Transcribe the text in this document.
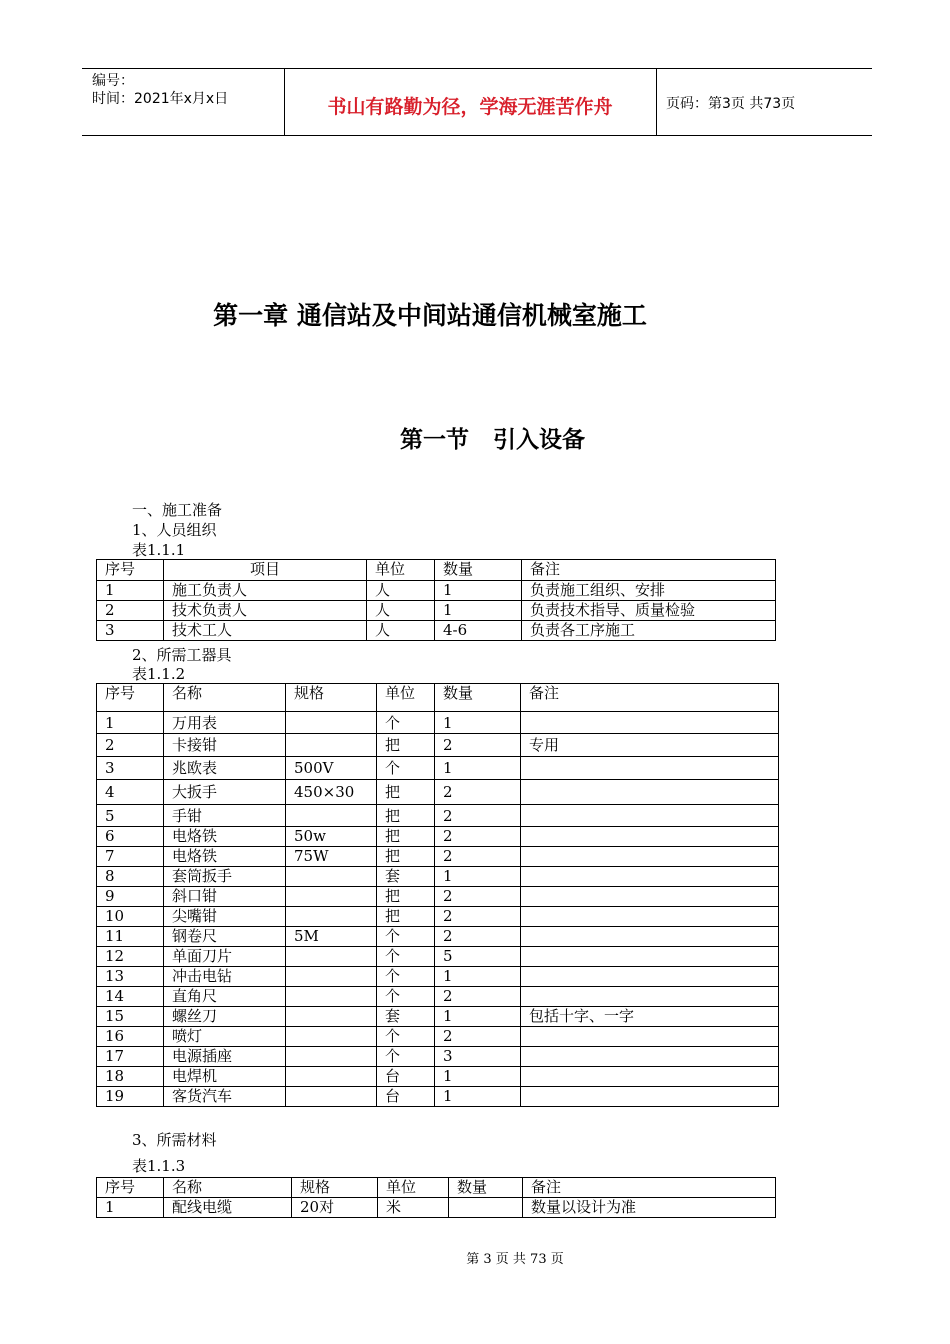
编号：
时间：2021年x月x日	书山有路勤为径，学海无涯苦作舟	页码：第3页 共73页
第一章 通信站及中间站通信机械室施工
第一节   引入设备
一、施工准备
1、人员组织
表1.1.1
序号	项目	单位	数量	备注
1	施工负责人	人	1	负责施工组织、安排
2	技术负责人	人	1	负责技术指导、质量检验
3	技术工人	人	4-6	负责各工序施工
2、所需工器具
表1.1.2
序号	名称	规格	单位	数量	备注
1	万用表		个	1	
2	卡接钳		把	2	专用
3	兆欧表	500V	个	1	
4	大扳手	450×30	把	2	
5	手钳		把	2	
6	电烙铁	50w	把	2	
7	电烙铁	75W	把	2	
8	套筒扳手		套	1	
9	斜口钳		把	2	
10	尖嘴钳		把	2	
11	钢卷尺	5M	个	2	
12	单面刀片		个	5	
13	冲击电钻		个	1	
14	直角尺		个	2	
15	螺丝刀		套	1	包括十字、一字
16	喷灯		个	2	
17	电源插座		个	3	
18	电焊机		台	1	
19	客货汽车		台	1	
3、所需材料
表1.1.3
序号	名称	规格	单位	数量	备注
1	配线电缆	20对	米		数量以设计为准
第 3 页 共 73 页
